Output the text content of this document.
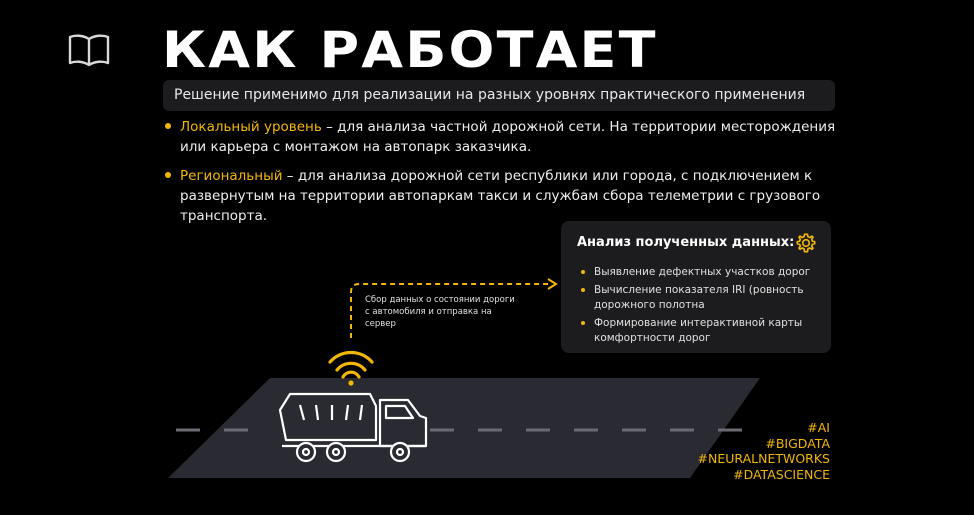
КАК РАБОТАЕТ
Решение применимо для реализации на разных уровнях практического применения
Локальный уровень – для анализа частной дорожной сети. На территории месторождения или карьера с монтажом на автопарк заказчика.
Региональный – для анализа дорожной сети республики или города, с подключением к развернутым на территории автопаркам такси и службам сбора телеметрии с грузового транспорта.
Сбор данных о состоянии дороги
с автомобиля и отправка на сервер
Анализ полученных данных:
Выявление дефектных участков дорог
Вычисление показателя IRI (ровность дорожного полотна
Формирование интерактивной карты комфортности дорог
#AI
#BIGDATA
#NEURALNETWORKS
#DATASCIENCE
